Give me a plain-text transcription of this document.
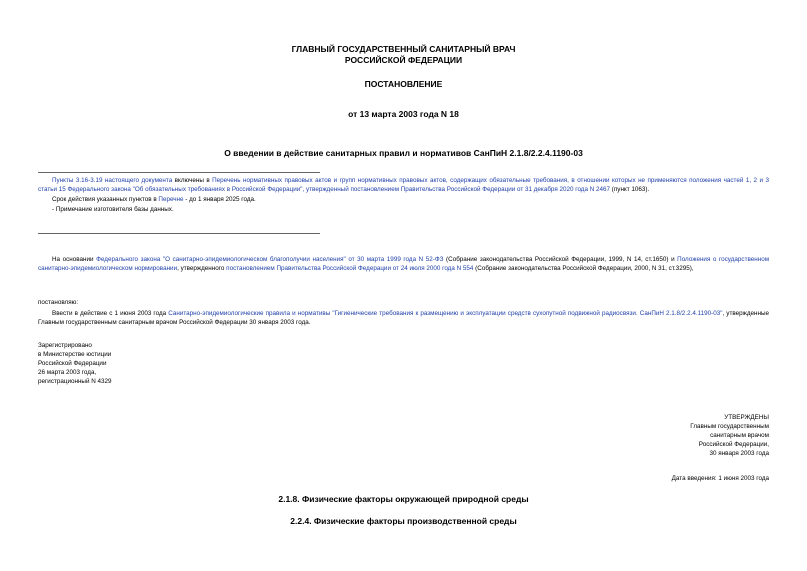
ГЛАВНЫЙ ГОСУДАРСТВЕННЫЙ САНИТАРНЫЙ ВРАЧ
РОССИЙСКОЙ ФЕДЕРАЦИИ
ПОСТАНОВЛЕНИЕ
от 13 марта 2003 года N 18
О введении в действие санитарных правил и нормативов СанПиН 2.1.8/2.2.4.1190-03
Пункты 3.16-3.19 настоящего документа включены в Перечень нормативных правовых актов и групп нормативных правовых актов, содержащих обязательные требования, в отношении которых не применяются положения частей 1, 2 и 3 статьи 15 Федерального закона "Об обязательных требованиях в Российской Федерации", утвержденный постановлением Правительства Российской Федерации от 31 декабря 2020 года N 2467 (пункт 1063).
Срок действия указанных пунктов в Перечне - до 1 января 2025 года.
- Примечание изготовителя базы данных.
На основании Федерального закона "О санитарно-эпидемиологическом благополучии населения" от 30 марта 1999 года N 52-ФЗ (Собрание законодательства Российской Федерации, 1999, N 14, ст.1650) и Положения о государственном санитарно-эпидемиологическом нормировании, утвержденного постановлением Правительства Российской Федерации от 24 июля 2000 года N 554 (Собрание законодательства Российской Федерации, 2000, N 31, ст.3295),
постановляю:
Ввести в действие с 1 июня 2003 года Санитарно-эпидемиологические правила и нормативы "Гигиенические требования к размещению и эксплуатации средств сухопутной подвижной радиосвязи. СанПиН 2.1.8/2.2.4.1190-03", утвержденные Главным государственным санитарным врачом Российской Федерации 30 января 2003 года.
Зарегистрировано
в Министерстве юстиции
Российской Федерации
26 марта 2003 года,
регистрационный N 4329
УТВЕРЖДЕНЫ
Главным государственным
санитарным врачом
Российской Федерации,
30 января 2003 года
Дата введения: 1 июня 2003 года
2.1.8. Физические факторы окружающей природной среды
2.2.4. Физические факторы производственной среды
